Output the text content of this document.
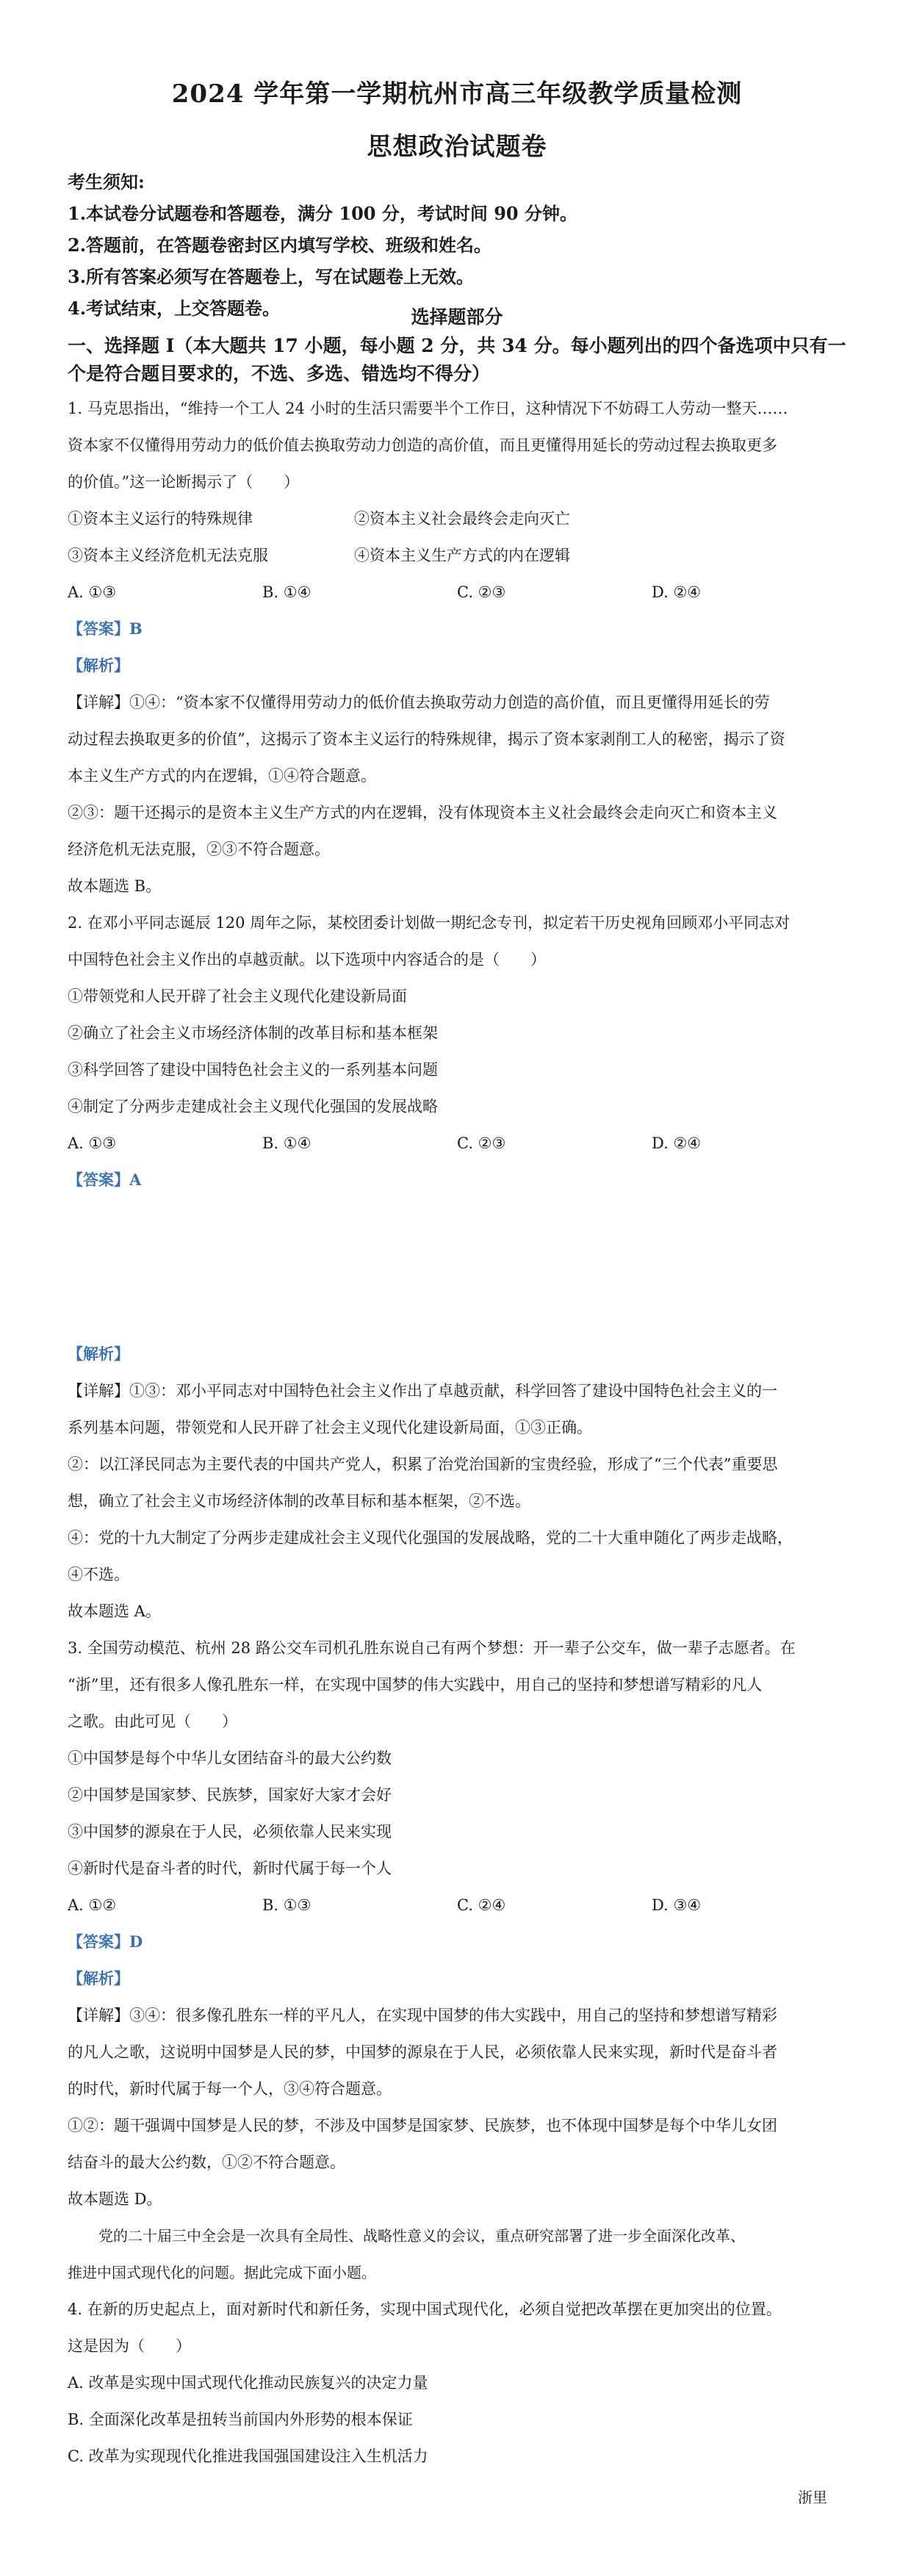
2024 学年第一学期杭州市高三年级教学质量检测
思想政治试题卷
考生须知:
1.本试卷分试题卷和答题卷，满分 100 分，考试时间 90 分钟。
2.答题前，在答题卷密封区内填写学校、班级和姓名。
3.所有答案必须写在答题卷上，写在试题卷上无效。
4.考试结束，上交答题卷。	选择题部分
一、选择题 I（本大题共 17 小题，每小题 2 分，共 34 分。每小题列出的四个备选项中只有一
个是符合题目要求的，不选、多选、错选均不得分）

1. 马克思指出，“维持一个工人 24 小时的生活只需要半个工作日，这种情况下不妨碍工人劳动一整天……

资本家不仅懂得用劳动力的低价值去换取劳动力创造的高价值，而且更懂得用延长的劳动过程去换取更多

的价值。”这一论断揭示了（　　）

①资本主义运行的特殊规律	②资本主义社会最终会走向灭亡

③资本主义经济危机无法克服	④资本主义生产方式的内在逻辑

A. ①③	B. ①④	C. ②③	D. ②④

【答案】B

【解析】

【详解】①④：“资本家不仅懂得用劳动力的低价值去换取劳动力创造的高价值，而且更懂得用延长的劳

动过程去换取更多的价值”，这揭示了资本主义运行的特殊规律，揭示了资本家剥削工人的秘密，揭示了资

本主义生产方式的内在逻辑，①④符合题意。

②③：题干还揭示的是资本主义生产方式的内在逻辑，没有体现资本主义社会最终会走向灭亡和资本主义

经济危机无法克服，②③不符合题意。

故本题选 B。

2. 在邓小平同志诞辰 120 周年之际，某校团委计划做一期纪念专刊，拟定若干历史视角回顾邓小平同志对

中国特色社会主义作出的卓越贡献。以下选项中内容适合的是（　　）

①带领党和人民开辟了社会主义现代化建设新局面

②确立了社会主义市场经济体制的改革目标和基本框架

③科学回答了建设中国特色社会主义的一系列基本问题

④制定了分两步走建成社会主义现代化强国的发展战略

A. ①③	B. ①④	C. ②③	D. ②④

【答案】A

【解析】

【详解】①③：邓小平同志对中国特色社会主义作出了卓越贡献，科学回答了建设中国特色社会主义的一

系列基本问题，带领党和人民开辟了社会主义现代化建设新局面，①③正确。

②：以江泽民同志为主要代表的中国共产党人，积累了治党治国新的宝贵经验，形成了“三个代表”重要思

想，确立了社会主义市场经济体制的改革目标和基本框架，②不选。

④：党的十九大制定了分两步走建成社会主义现代化强国的发展战略，党的二十大重申随化了两步走战略，

④不选。

故本题选 A。

3. 全国劳动模范、杭州 28 路公交车司机孔胜东说自己有两个梦想：开一辈子公交车，做一辈子志愿者。在

“浙”里，还有很多人像孔胜东一样，在实现中国梦的伟大实践中，用自己的坚持和梦想谱写精彩的凡人

之歌。由此可见（　　）

①中国梦是每个中华儿女团结奋斗的最大公约数

②中国梦是国家梦、民族梦，国家好大家才会好

③中国梦的源泉在于人民，必须依靠人民来实现

④新时代是奋斗者的时代，新时代属于每一个人

A. ①②	B. ①③	C. ②④	D. ③④

【答案】D

【解析】

【详解】③④：很多像孔胜东一样的平凡人，在实现中国梦的伟大实践中，用自己的坚持和梦想谱写精彩

的凡人之歌，这说明中国梦是人民的梦，中国梦的源泉在于人民，必须依靠人民来实现，新时代是奋斗者

的时代，新时代属于每一个人，③④符合题意。

①②：题干强调中国梦是人民的梦，不涉及中国梦是国家梦、民族梦，也不体现中国梦是每个中华儿女团

结奋斗的最大公约数，①②不符合题意。

故本题选 D。

党的二十届三中全会是一次具有全局性、战略性意义的会议，重点研究部署了进一步全面深化改革、

推进中国式现代化的问题。据此完成下面小题。

4. 在新的历史起点上，面对新时代和新任务，实现中国式现代化，必须自觉把改革摆在更加突出的位置。

这是因为（　　）

A. 改革是实现中国式现代化推动民族复兴的决定力量

B. 全面深化改革是扭转当前国内外形势的根本保证

C. 改革为实现现代化推进我国强国建设注入生机活力

浙里
